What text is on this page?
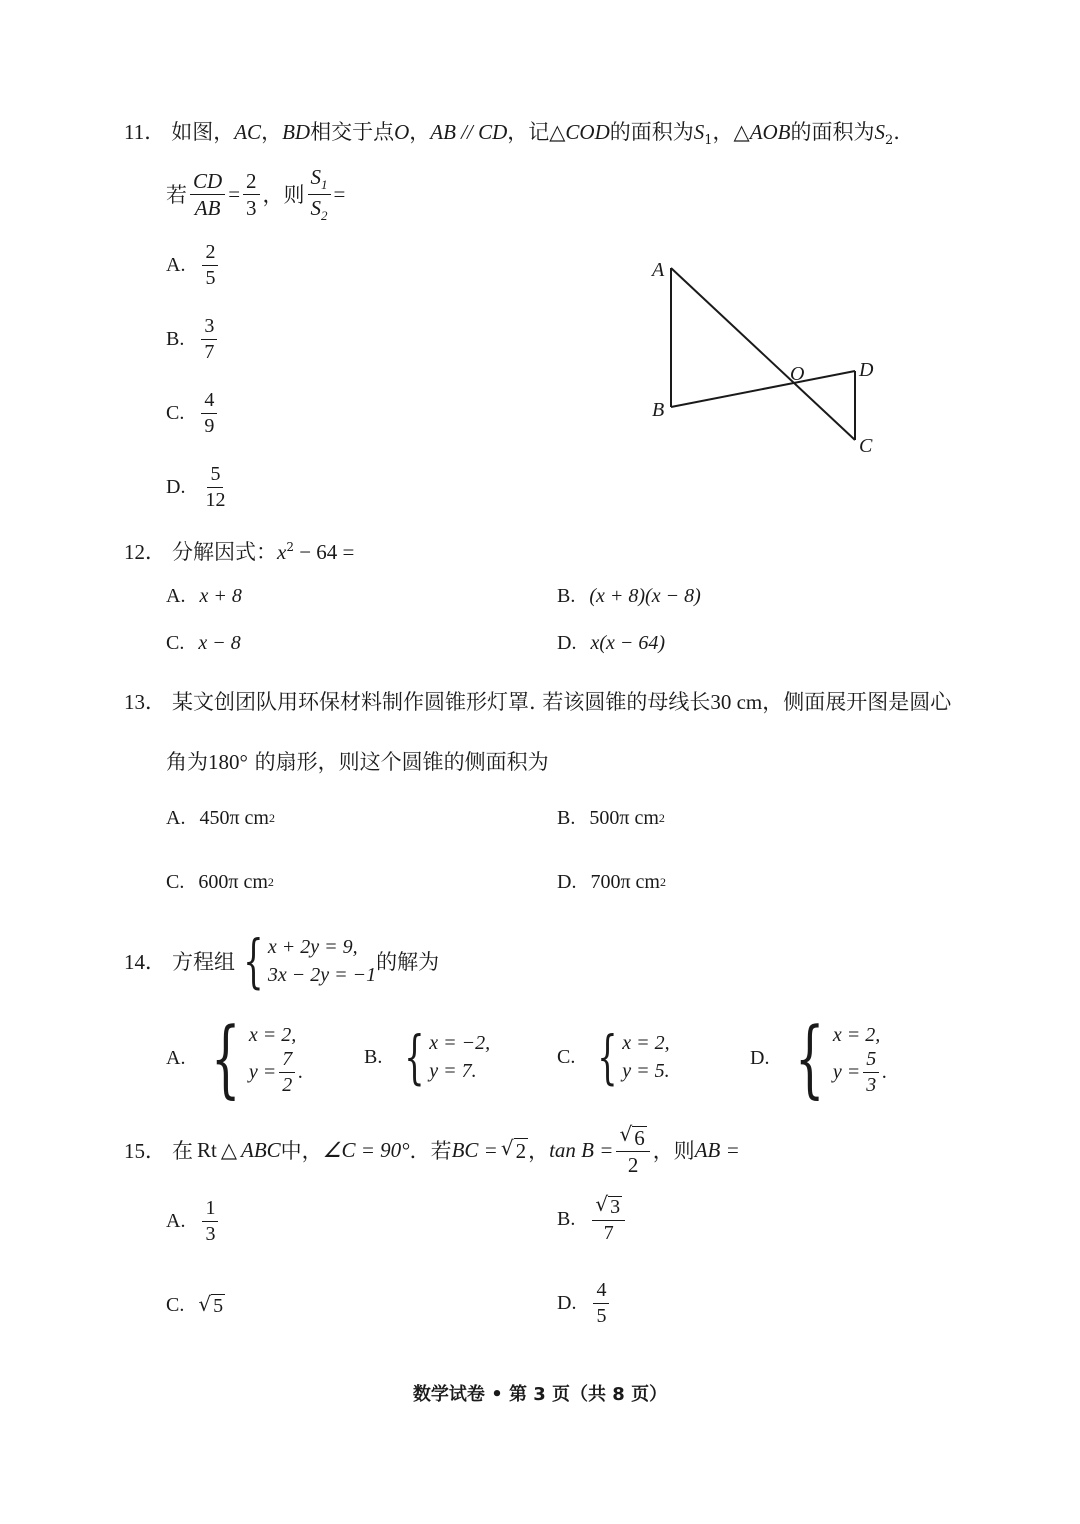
11． 如图，AC，BD相交于点O，AB // CD，记△COD的面积为$S_1$，△AOB的面积为$S_2$.
若 $\frac{CD}{AB} = \frac{2}{3}$ ，则 $\frac{S_1}{S_2}$ =
A. $\frac{2}{5}$
B. $\frac{3}{7}$
C. $\frac{4}{9}$
D. $\frac{5}{12}$
A
B
O	D
C
12． 分解因式：$x^2 - 64$ =
A. x + 8	B. (x + 8)(x − 8)
C. x − 8	D. x(x − 64)
13． 某文创团队用环保材料制作圆锥形灯罩. 若该圆锥的母线长30 cm，侧面展开图是圆心
角为180° 的扇形，则这个圆锥的侧面积为
A. 450π cm 2	B. 500π cm 2
C. 600π cm 2	D. 700π cm 2
14． 方程组 { x + 2y = 9,
3x − 2y = −1
的解为
A. { x = 2,
$y = \frac{7}{2}$ .
B. { x = −2,
y = 7.
C. { x = 2,
y = 5.
D. { x = 2,
$y = \frac{5}{3}$ .
15． 在 Rt △ ABC 中， ∠C = 90° ．若 BC = √ 2 ， $\tan B = \frac{√ 6}{2}$ ，则 AB =
A. $\frac{1}{3}$	B. $\frac{√ 3}{7}$
C. √ 5	D. $\frac{4}{5}$
数学试卷 • 第 3 页（共 8 页）
